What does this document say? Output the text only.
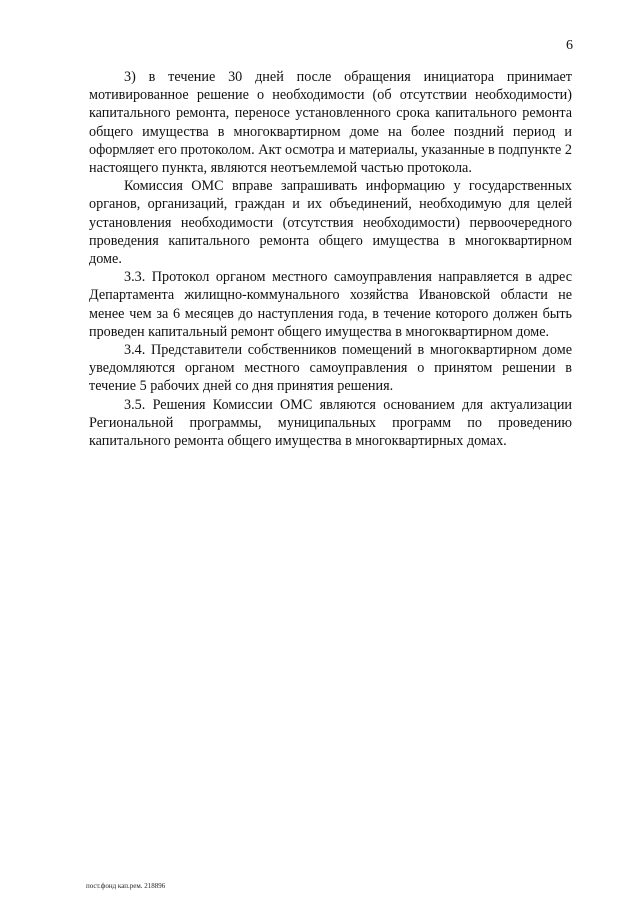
6

3) в течение 30 дней после обращения инициатора принимает мотивированное решение о необходимости (об отсутствии необходимости) капитального ремонта, переносе установленного срока капитального ремонта общего имущества в многоквартирном доме на более поздний период и оформляет его протоколом. Акт осмотра и материалы, указанные в подпункте 2 настоящего пункта, являются неотъемлемой частью протокола.

Комиссия ОМС вправе запрашивать информацию у государственных органов, организаций, граждан и их объединений, необходимую для целей установления необходимости (отсутствия необходимости) первоочередного проведения капитального ремонта общего имущества в многоквартирном доме.

3.3. Протокол органом местного самоуправления направляется в адрес Департамента жилищно-коммунального хозяйства Ивановской области не менее чем за 6 месяцев до наступления года, в течение которого должен быть проведен капитальный ремонт общего имущества в многоквартирном доме.

3.4. Представители собственников помещений в многоквартирном доме уведомляются органом местного самоуправления о принятом решении в течение 5 рабочих дней со дня принятия решения.

3.5. Решения Комиссии ОМС являются основанием для актуализации Региональной программы, муниципальных программ по проведению капитального ремонта общего имущества в многоквартирных домах.

пост.фонд кап.рем. 218896
